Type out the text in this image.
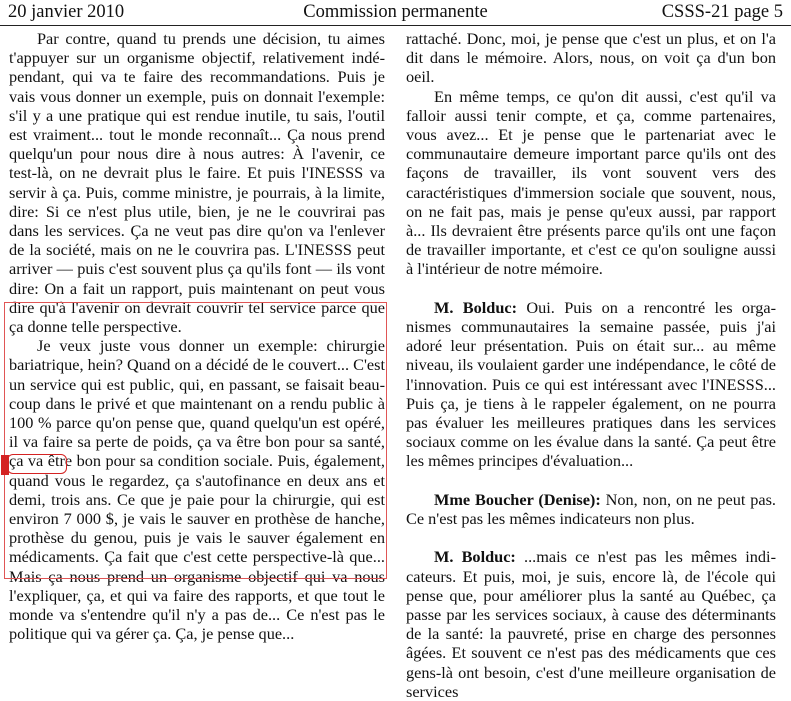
20 janvier 2010	Commission permanente	CSSS-21 page 5

Par contre, quand tu prends une décision, tu aimes t'appuyer sur un organisme objectif, relativement indé-pendant, qui va te faire des recommandations. Puis je vais vous donner un exemple, puis on donnait l'exemple: s'il y a une pratique qui est rendue inutile, tu sais, l'outil est vraiment... tout le monde reconnaît... Ça nous prend quelqu'un pour nous dire à nous autres: À l'avenir, ce test-là, on ne devrait plus le faire. Et puis l'INESSS va servir à ça. Puis, comme ministre, je pourrais, à la limite, dire: Si ce n'est plus utile, bien, je ne le couvrirai pas dans les services. Ça ne veut pas dire qu'on va l'enlever de la société, mais on ne le couvrira pas. L'INESSS peut arriver — puis c'est souvent plus ça qu'ils font — ils vont dire: On a fait un rapport, puis maintenant on peut vous dire qu'à l'avenir on devrait couvrir tel service parce que ça donne telle perspective.

Je veux juste vous donner un exemple: chirurgie bariatrique, hein? Quand on a décidé de le couvert... C'est un service qui est public, qui, en passant, se faisait beau-coup dans le privé et que maintenant on a rendu public à 100 % parce qu'on pense que, quand quelqu'un est opéré, il va faire sa perte de poids, ça va être bon pour sa santé, ça va être bon pour sa condition sociale. Puis, également, quand vous le regardez, ça s'autofinance en deux ans et demi, trois ans. Ce que je paie pour la chirurgie, qui est environ 7 000 $, je vais le sauver en prothèse de hanche, prothèse du genou, puis je vais le sauver également en médicaments. Ça fait que c'est cette perspective-là que... Mais ça nous prend un organisme objectif qui va nous l'expliquer, ça, et qui va faire des rapports, et que tout le monde va s'entendre qu'il n'y a pas de... Ce n'est pas le politique qui va gérer ça. Ça, je pense que...

rattaché. Donc, moi, je pense que c'est un plus, et on l'a dit dans le mémoire. Alors, nous, on voit ça d'un bon oeil.

En même temps, ce qu'on dit aussi, c'est qu'il va falloir aussi tenir compte, et ça, comme partenaires, vous avez... Et je pense que le partenariat avec le communautaire demeure important parce qu'ils ont des façons de travailler, ils vont souvent vers des caractéristiques d'immersion sociale que souvent, nous, on ne fait pas, mais je pense qu'eux aussi, par rapport à... Ils devraient être présents parce qu'ils ont une façon de travailler importante, et c'est ce qu'on souligne aussi à l'intérieur de notre mémoire.

M. Bolduc: Oui. Puis on a rencontré les orga-nismes communautaires la semaine passée, puis j'ai adoré leur présentation. Puis on était sur... au même niveau, ils voulaient garder une indépendance, le côté de l'innovation. Puis ce qui est intéressant avec l'INESSS... Puis ça, je tiens à le rappeler également, on ne pourra pas évaluer les meilleures pratiques dans les services sociaux comme on les évalue dans la santé. Ça peut être les mêmes principes d'évaluation...

Mme Boucher (Denise): Non, non, on ne peut pas. Ce n'est pas les mêmes indicateurs non plus.

M. Bolduc: ...mais ce n'est pas les mêmes indi-cateurs. Et puis, moi, je suis, encore là, de l'école qui pense que, pour améliorer plus la santé au Québec, ça passe par les services sociaux, à cause des déterminants de la santé: la pauvreté, prise en charge des personnes âgées. Et souvent ce n'est pas des médicaments que ces gens-là ont besoin, c'est d'une meilleure organisation de services
